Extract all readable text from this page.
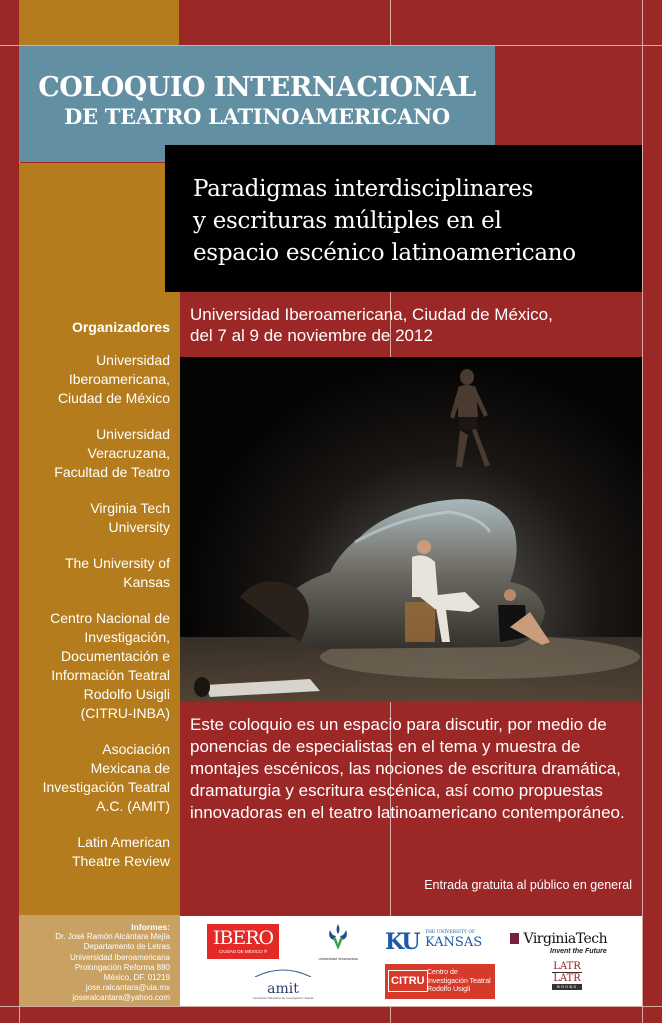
Organizadores
Universidad
Iberoamericana,
Ciudad de México
Universidad
Veracruzana,
Facultad de Teatro
Virginia Tech
University
The University of
Kansas
Centro Nacional de
Investigación,
Documentación e
Información Teatral
Rodolfo Usigli
(CITRU-INBA)
Asociación
Mexicana de
Investigación Teatral
A.C. (AMIT)
Latin American
Theatre Review
COLOQUIO INTERNACIONAL
DE TEATRO LATINOAMERICANO
Paradigmas interdisciplinares
y escrituras múltiples en el
espacio escénico latinoamericano
Universidad Iberoamericana, Ciudad de México,
del 7 al 9 de noviembre de 2012
Este coloquio es un espacio para discutir, por medio de ponencias de especialistas en el tema y muestra de montajes escénicos, las nociones de escritura dramática, dramaturgia y escritura escénica, así como propuestas innovadoras en el teatro latinoamericano contemporáneo.
Entrada gratuita al público en general
Informes:
Dr. José Ramón Alcántara Mejía
Departamento de Letras
Universidad Iberoamericana
Prolongación Reforma 880
México, DF. 01219
jose.ralcantara@uia.mx
joseralcantara@yahoo.com
IBERO
CIUDAD DE MÉXICO ®
Universidad Veracruzana
KU THE UNIVERSITY OF
KANSAS	VirginiaTech
Invent the Future
amit
Asociación Mexicana de Investigación Teatral
CITRU
Centro de
Investigación Teatral
Rodolfo Usigli
LATR
LATR
BOOKS
